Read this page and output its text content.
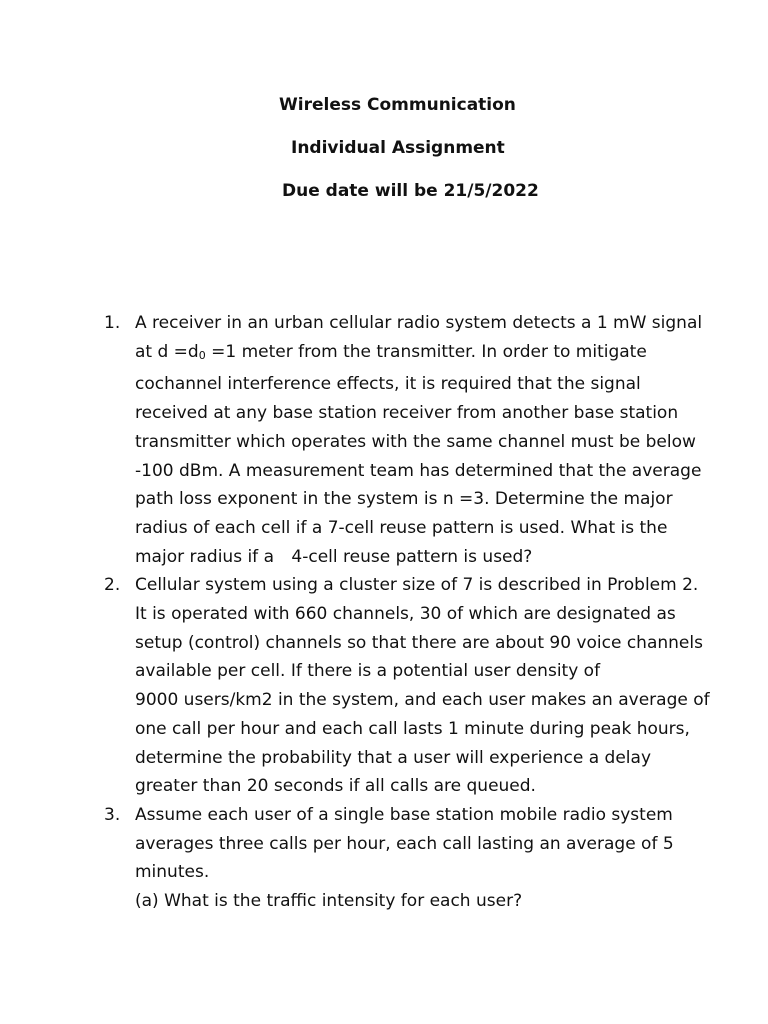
Wireless Communication
Individual Assignment
Due date will be 21/5/2022
1. A receiver in an urban cellular radio system detects a 1 mW signal
at $d =d_0 =1$ meter from the transmitter. In order to mitigate
cochannel interference effects, it is required that the signal
received at any base station receiver from another base station
transmitter which operates with the same channel must be below
-100 dBm. A measurement team has determined that the average
path loss exponent in the system is n =3. Determine the major
radius of each cell if a 7-cell reuse pattern is used. What is the
major radius if a 4-cell reuse pattern is used?
2. Cellular system using a cluster size of 7 is described in Problem 2.
It is operated with 660 channels, 30 of which are designated as
setup (control) channels so that there are about 90 voice channels
available per cell. If there is a potential user density of
9000 users/km2 in the system, and each user makes an average of
one call per hour and each call lasts 1 minute during peak hours,
determine the probability that a user will experience a delay
greater than 20 seconds if all calls are queued.
3. Assume each user of a single base station mobile radio system
averages three calls per hour, each call lasting an average of 5
minutes.
(a) What is the traffic intensity for each user?
